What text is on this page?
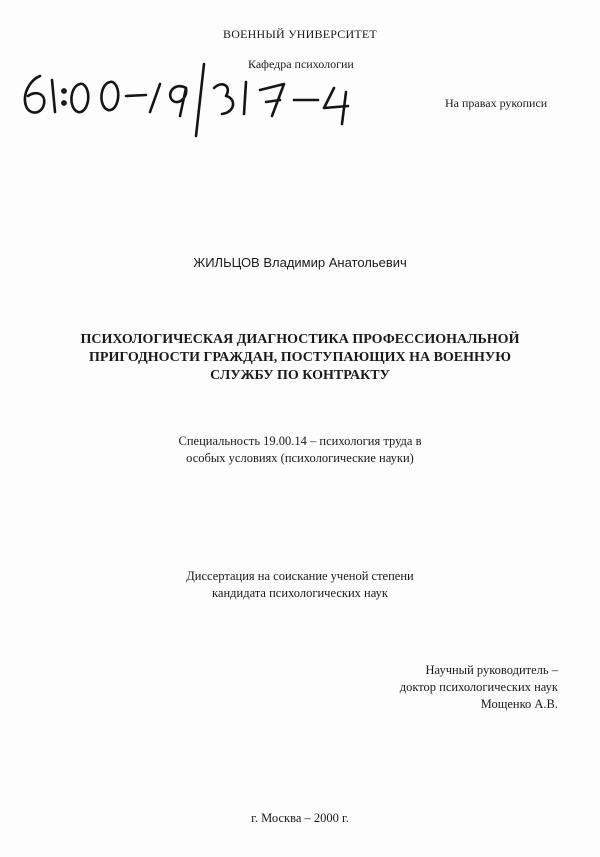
ВОЕННЫЙ УНИВЕРСИТЕТ
Кафедра психологии
На правах рукописи
ЖИЛЬЦОВ Владимир Анатольевич
ПСИХОЛОГИЧЕСКАЯ ДИАГНОСТИКА ПРОФЕССИОНАЛЬНОЙ
ПРИГОДНОСТИ ГРАЖДАН, ПОСТУПАЮЩИХ НА ВОЕННУЮ
СЛУЖБУ ПО КОНТРАКТУ
Специальность 19.00.14 – психология труда в
особых условиях (психологические науки)
Диссертация на соискание ученой степени
кандидата психологических наук
Научный руководитель –
доктор психологических наук
Мощенко А.В.
г. Москва – 2000 г.
